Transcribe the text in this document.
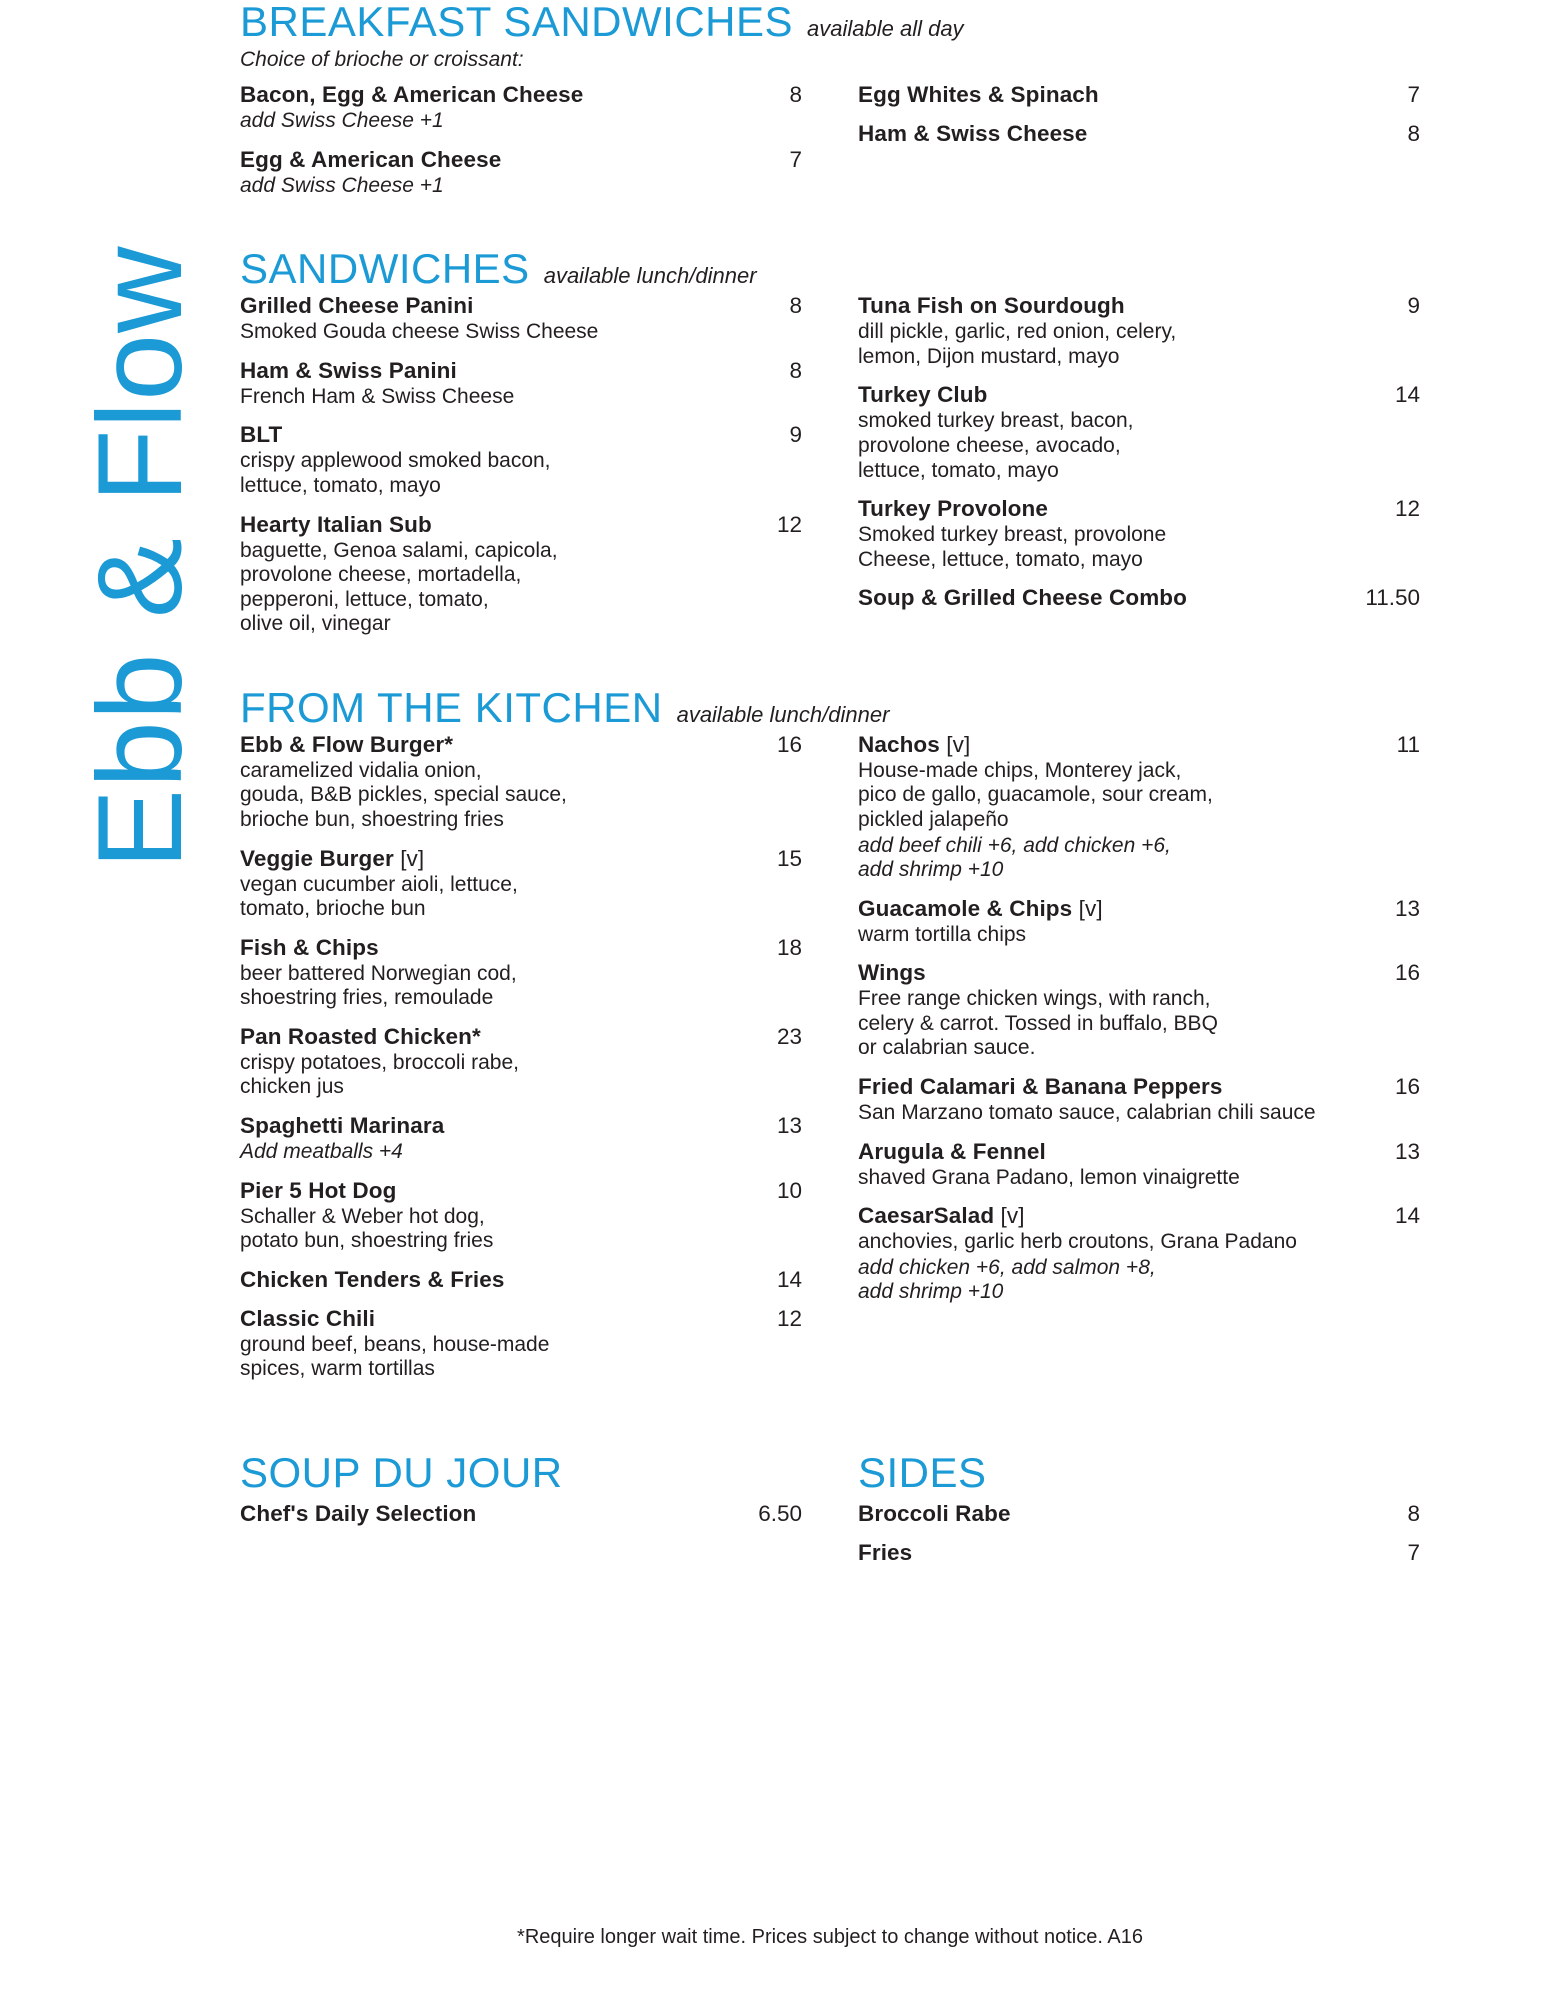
Ebb & Flow
BREAKFAST SANDWICHES available all day
Choice of brioche or croissant:
Bacon, Egg & American Cheese	8
add Swiss Cheese +1
Egg & American Cheese	7
add Swiss Cheese +1
Egg Whites & Spinach	7
Ham & Swiss Cheese	8
SANDWICHES available lunch/dinner
Grilled Cheese Panini	8
Smoked Gouda cheese Swiss Cheese
Ham & Swiss Panini	8
French Ham & Swiss Cheese
BLT	9
crispy applewood smoked bacon,
lettuce, tomato, mayo
Hearty Italian Sub	12
baguette, Genoa salami, capicola,
provolone cheese, mortadella,
pepperoni, lettuce, tomato,
olive oil, vinegar
Tuna Fish on Sourdough	9
dill pickle, garlic, red onion, celery,
lemon, Dijon mustard, mayo
Turkey Club	14
smoked turkey breast, bacon,
provolone cheese, avocado,
lettuce, tomato, mayo
Turkey Provolone	12
Smoked turkey breast, provolone
Cheese, lettuce, tomato, mayo
Soup & Grilled Cheese Combo	11.50
FROM THE KITCHEN available lunch/dinner
Ebb & Flow Burger*	16
caramelized vidalia onion,
gouda, B&B pickles, special sauce,
brioche bun, shoestring fries
Veggie Burger [v]	15
vegan cucumber aioli, lettuce,
tomato, brioche bun
Fish & Chips	18
beer battered Norwegian cod,
shoestring fries, remoulade
Pan Roasted Chicken*	23
crispy potatoes, broccoli rabe,
chicken jus
Spaghetti Marinara	13
Add meatballs +4
Pier 5 Hot Dog	10
Schaller & Weber hot dog,
potato bun, shoestring fries
Chicken Tenders & Fries	14
Classic Chili	12
ground beef, beans, house-made
spices, warm tortillas
Nachos [v]	11
House-made chips, Monterey jack,
pico de gallo, guacamole, sour cream,
pickled jalapeño
add beef chili +6, add chicken +6,
add shrimp +10
Guacamole & Chips [v]	13
warm tortilla chips
Wings	16
Free range chicken wings, with ranch,
celery & carrot. Tossed in buffalo, BBQ
or calabrian sauce.
Fried Calamari & Banana Peppers	16
San Marzano tomato sauce, calabrian chili sauce
Arugula & Fennel	13
shaved Grana Padano, lemon vinaigrette
CaesarSalad [v]	14
anchovies, garlic herb croutons, Grana Padano
add chicken +6, add salmon +8,
add shrimp +10
SOUP DU JOUR
Chef's Daily Selection	6.50
SIDES
Broccoli Rabe	8
Fries	7
*Require longer wait time. Prices subject to change without notice. A16
